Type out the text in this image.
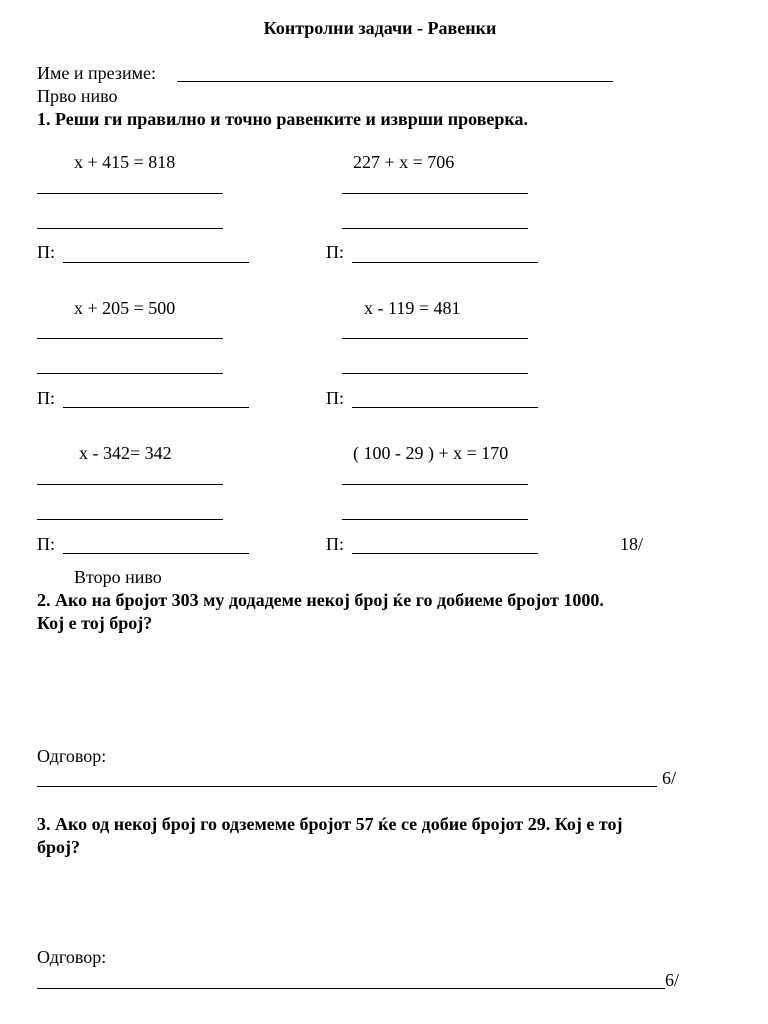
Контролни задачи - Равенки
Име и презиме:
Прво ниво
1. Реши ги правилно и точно равенките и изврши проверка.
x + 415 = 818	227 + x = 706
П:	П:
x + 205 = 500	x - 119 = 481
П:	П:
x - 342= 342	( 100 - 29 ) + x = 170
П:	П:	18/
Второ ниво
2. Ако на бројот 303 му додадеме некој број ќе го добиеме бројот 1000.
Кој е тој број?
Одговор:
6/
3. Ако од некој број го одземеме бројот 57 ќе се добие бројот 29. Кој е тој
број?
Одговор:
6/
